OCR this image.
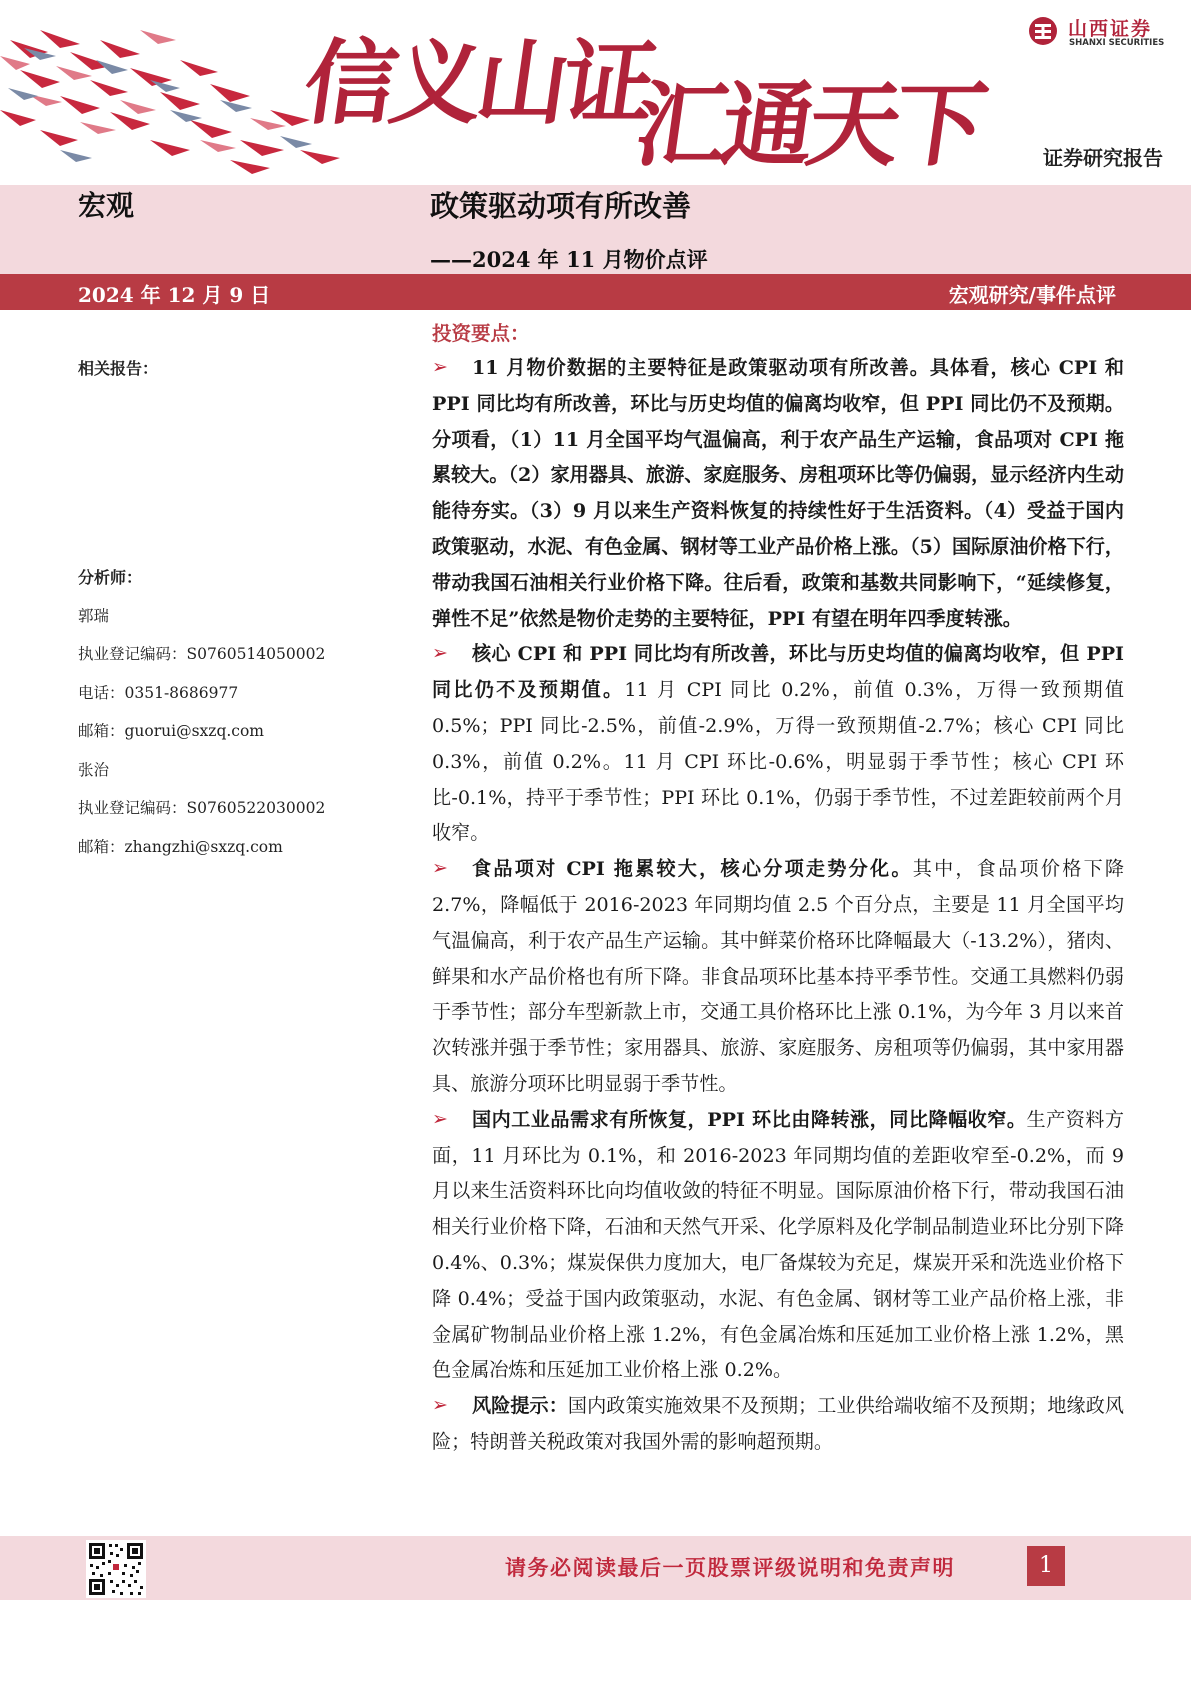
信义山证
汇通天下
山西证券
SHANXI SECURITIES
证券研究报告
宏观	政策驱动项有所改善
——2024 年 11 月物价点评
2024 年 12 月 9 日	宏观研究/事件点评
相关报告：
分析师：
郭瑞
执业登记编码：S0760514050002
电话：0351-8686977
邮箱：guorui@sxzq.com
张治
执业登记编码：S0760522030002
邮箱：zhangzhi@sxzq.com
投资要点：

➢ 11 月物价数据的主要特征是政策驱动项有所改善。具体看，核心 CPI 和 PPI 同比均有所改善，环比与历史均值的偏离均收窄，但 PPI 同比仍不及预期。分项看，（1）11 月全国平均气温偏高，利于农产品生产运输，食品项对 CPI 拖累较大。（2）家用器具、旅游、家庭服务、房租项环比等仍偏弱，显示经济内生动能待夯实。（3）9 月以来生产资料恢复的持续性好于生活资料。（4）受益于国内政策驱动，水泥、有色金属、钢材等工业产品价格上涨。（5）国际原油价格下行，带动我国石油相关行业价格下降。往后看，政策和基数共同影响下，“延续修复，弹性不足”依然是物价走势的主要特征，PPI 有望在明年四季度转涨。

➢ 核心 CPI 和 PPI 同比均有所改善，环比与历史均值的偏离均收窄，但 PPI 同比仍不及预期值。11 月 CPI 同比 0.2%，前值 0.3%，万得一致预期值 0.5%；PPI 同比-2.5%，前值-2.9%，万得一致预期值-2.7%；核心 CPI 同比 0.3%，前值 0.2%。11 月 CPI 环比-0.6%，明显弱于季节性；核心 CPI 环比-0.1%，持平于季节性；PPI 环比 0.1%，仍弱于季节性，不过差距较前两个月收窄。

➢ 食品项对 CPI 拖累较大，核心分项走势分化。其中，食品项价格下降 2.7%，降幅低于 2016-2023 年同期均值 2.5 个百分点，主要是 11 月全国平均气温偏高，利于农产品生产运输。其中鲜菜价格环比降幅最大（-13.2%），猪肉、鲜果和水产品价格也有所下降。非食品项环比基本持平季节性。交通工具燃料仍弱于季节性；部分车型新款上市，交通工具价格环比上涨 0.1%，为今年 3 月以来首次转涨并强于季节性；家用器具、旅游、家庭服务、房租项等仍偏弱，其中家用器具、旅游分项环比明显弱于季节性。

➢ 国内工业品需求有所恢复，PPI 环比由降转涨，同比降幅收窄。生产资料方面，11 月环比为 0.1%，和 2016-2023 年同期均值的差距收窄至-0.2%，而 9 月以来生活资料环比向均值收敛的特征不明显。国际原油价格下行，带动我国石油相关行业价格下降，石油和天然气开采、化学原料及化学制品制造业环比分别下降 0.4%、0.3%；煤炭保供力度加大，电厂备煤较为充足，煤炭开采和洗选业价格下降 0.4%；受益于国内政策驱动，水泥、有色金属、钢材等工业产品价格上涨，非金属矿物制品业价格上涨 1.2%，有色金属冶炼和压延加工业价格上涨 1.2%，黑色金属冶炼和压延加工业价格上涨 0.2%。

➢ 风险提示：国内政策实施效果不及预期；工业供给端收缩不及预期；地缘政风险；特朗普关税政策对我国外需的影响超预期。

请务必阅读最后一页股票评级说明和免责声明	1
